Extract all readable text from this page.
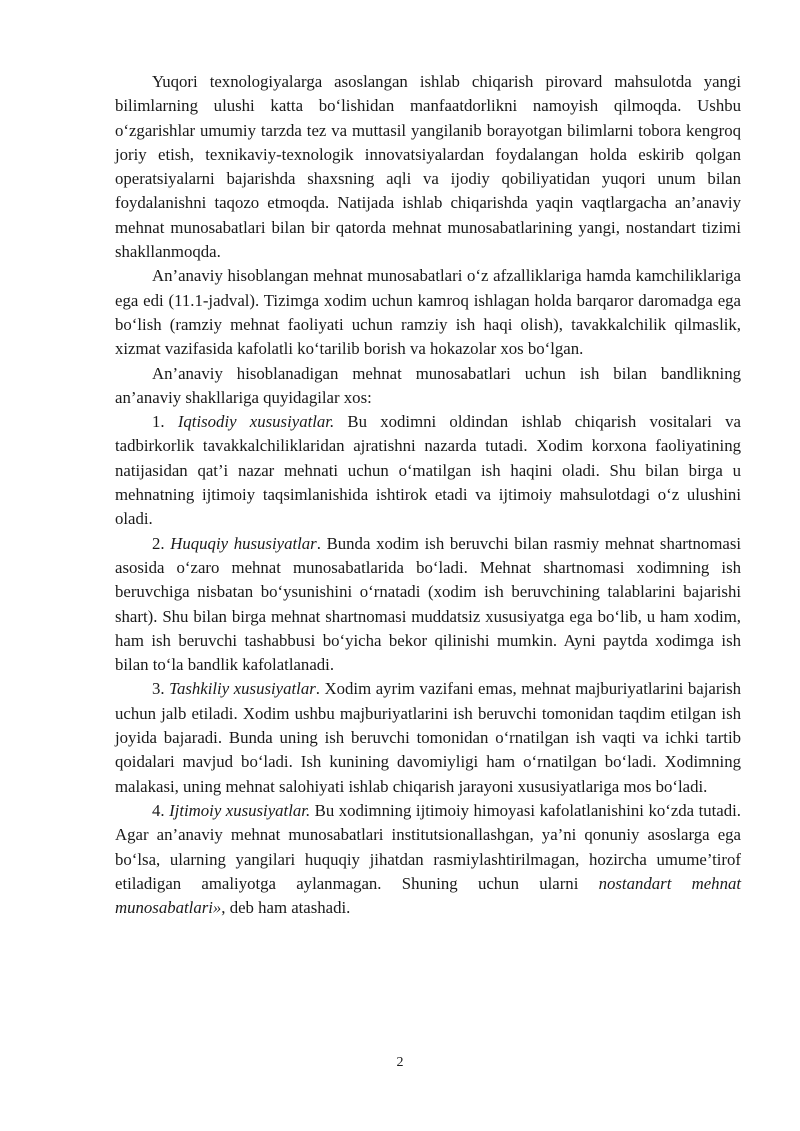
Yuqori texnologiyalarga asoslangan ishlab chiqarish pirovard mahsulotda yangi bilimlarning ulushi katta bo‘lishidan manfaatdorlikni namoyish qilmoqda. Ushbu o‘zgarishlar umumiy tarzda tez va muttasil yangilanib borayotgan bilimlarni tobora kengroq joriy etish, texnikaviy-texnologik innovatsiyalardan foydalangan holda eskirib qolgan operatsiyalarni bajarishda shaxsning aqli va ijodiy qobiliyatidan yuqori unum bilan foydalanishni taqozo etmoqda. Natijada ishlab chiqarishda yaqin vaqtlargacha an’anaviy mehnat munosabatlari bilan bir qatorda mehnat munosabatlarining yangi, nostandart tizimi shakllanmoqda.

An’anaviy hisoblangan mehnat munosabatlari o‘z afzalliklariga hamda kamchiliklariga ega edi (11.1-jadval). Tizimga xodim uchun kamroq ishlagan holda barqaror daromadga ega bo‘lish (ramziy mehnat faoliyati uchun ramziy ish haqi olish), tavakkalchilik qilmaslik, xizmat vazifasida kafolatli ko‘tarilib borish va hokazolar xos bo‘lgan.

An’anaviy hisoblanadigan mehnat munosabatlari uchun ish bilan bandlikning an’anaviy shakllariga quyidagilar xos:

1. Iqtisodiy xususiyatlar. Bu xodimni oldindan ishlab chiqarish vositalari va tadbirkorlik tavakkalchiliklaridan ajratishni nazarda tutadi. Xodim korxona faoliyatining natijasidan qat’i nazar mehnati uchun o‘matilgan ish haqini oladi. Shu bilan birga u mehnatning ijtimoiy taqsimlanishida ishtirok etadi va ijtimoiy mahsulotdagi o‘z ulushini oladi.

2. Huquqiy hususiyatlar. Bunda xodim ish beruvchi bilan rasmiy mehnat shartnomasi asosida o‘zaro mehnat munosabatlarida bo‘ladi. Mehnat shartnomasi xodimning ish beruvchiga nisbatan bo‘ysunishini o‘rnatadi (xodim ish beruvchining talablarini bajarishi shart). Shu bilan birga mehnat shartnomasi muddatsiz xususiyatga ega bo‘lib, u ham xodim, ham ish beruvchi tashabbusi bo‘yicha bekor qilinishi mumkin. Ayni paytda xodimga ish bilan to‘la bandlik kafolatlanadi.

3. Tashkiliy xususiyatlar. Xodim ayrim vazifani emas, mehnat majburiyatlarini bajarish uchun jalb etiladi. Xodim ushbu majburiyatlarini ish beruvchi tomonidan taqdim etilgan ish joyida bajaradi. Bunda uning ish beruvchi tomonidan o‘rnatilgan ish vaqti va ichki tartib qoidalari mavjud bo‘ladi. Ish kunining davomiyligi ham o‘rnatilgan bo‘ladi. Xodimning malakasi, uning mehnat salohiyati ishlab chiqarish jarayoni xususiyatlariga mos bo‘ladi.

4. Ijtimoiy xususiyatlar. Bu xodimning ijtimoiy himoyasi kafolatlanishini ko‘zda tutadi. Agar an’anaviy mehnat munosabatlari institutsionallashgan, ya’ni qonuniy asoslarga ega bo‘lsa, ularning yangilari huquqiy jihatdan rasmiylashtirilmagan, hozircha umume’tirof etiladigan amaliyotga aylanmagan. Shuning uchun ularni nostandart mehnat munosabatlari», deb ham atashadi.

2
